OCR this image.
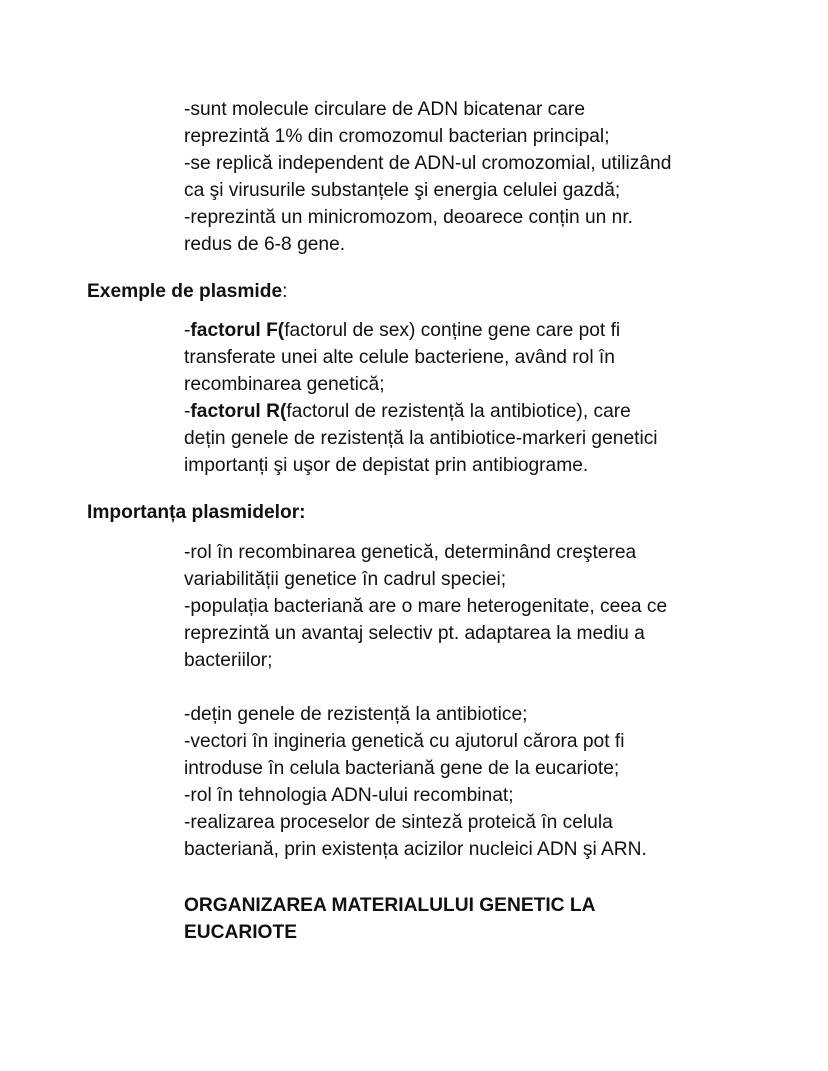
-sunt molecule circulare de ADN bicatenar care
reprezintă 1% din cromozomul bacterian principal;
-se replică independent de ADN-ul cromozomial, utilizând
ca şi virusurile substanțele şi energia celulei gazdă;
-reprezintă un minicromozom, deoarece conțin un nr.
redus de 6-8 gene.
Exemple de plasmide:
-factorul F(factorul de sex) conține gene care pot fi
transferate unei alte celule bacteriene, având rol în
recombinarea genetică;
-factorul R(factorul de rezistență la antibiotice), care
dețin genele de rezistență la antibiotice-markeri genetici
importanți şi uşor de depistat prin antibiograme.
Importanța plasmidelor:
-rol în recombinarea genetică, determinând creşterea
variabilității genetice în cadrul speciei;
-populația bacteriană are o mare heterogenitate, ceea ce
reprezintă un avantaj selectiv pt. adaptarea la mediu a
bacteriilor;
-dețin genele de rezistență la antibiotice;
-vectori în ingineria genetică cu ajutorul cărora pot fi
introduse în celula bacteriană gene de la eucariote;
-rol în tehnologia ADN-ului recombinat;
-realizarea proceselor de sinteză proteică în celula
bacteriană, prin existența acizilor nucleici ADN şi ARN.
ORGANIZAREA MATERIALULUI GENETIC LA
EUCARIOTE
